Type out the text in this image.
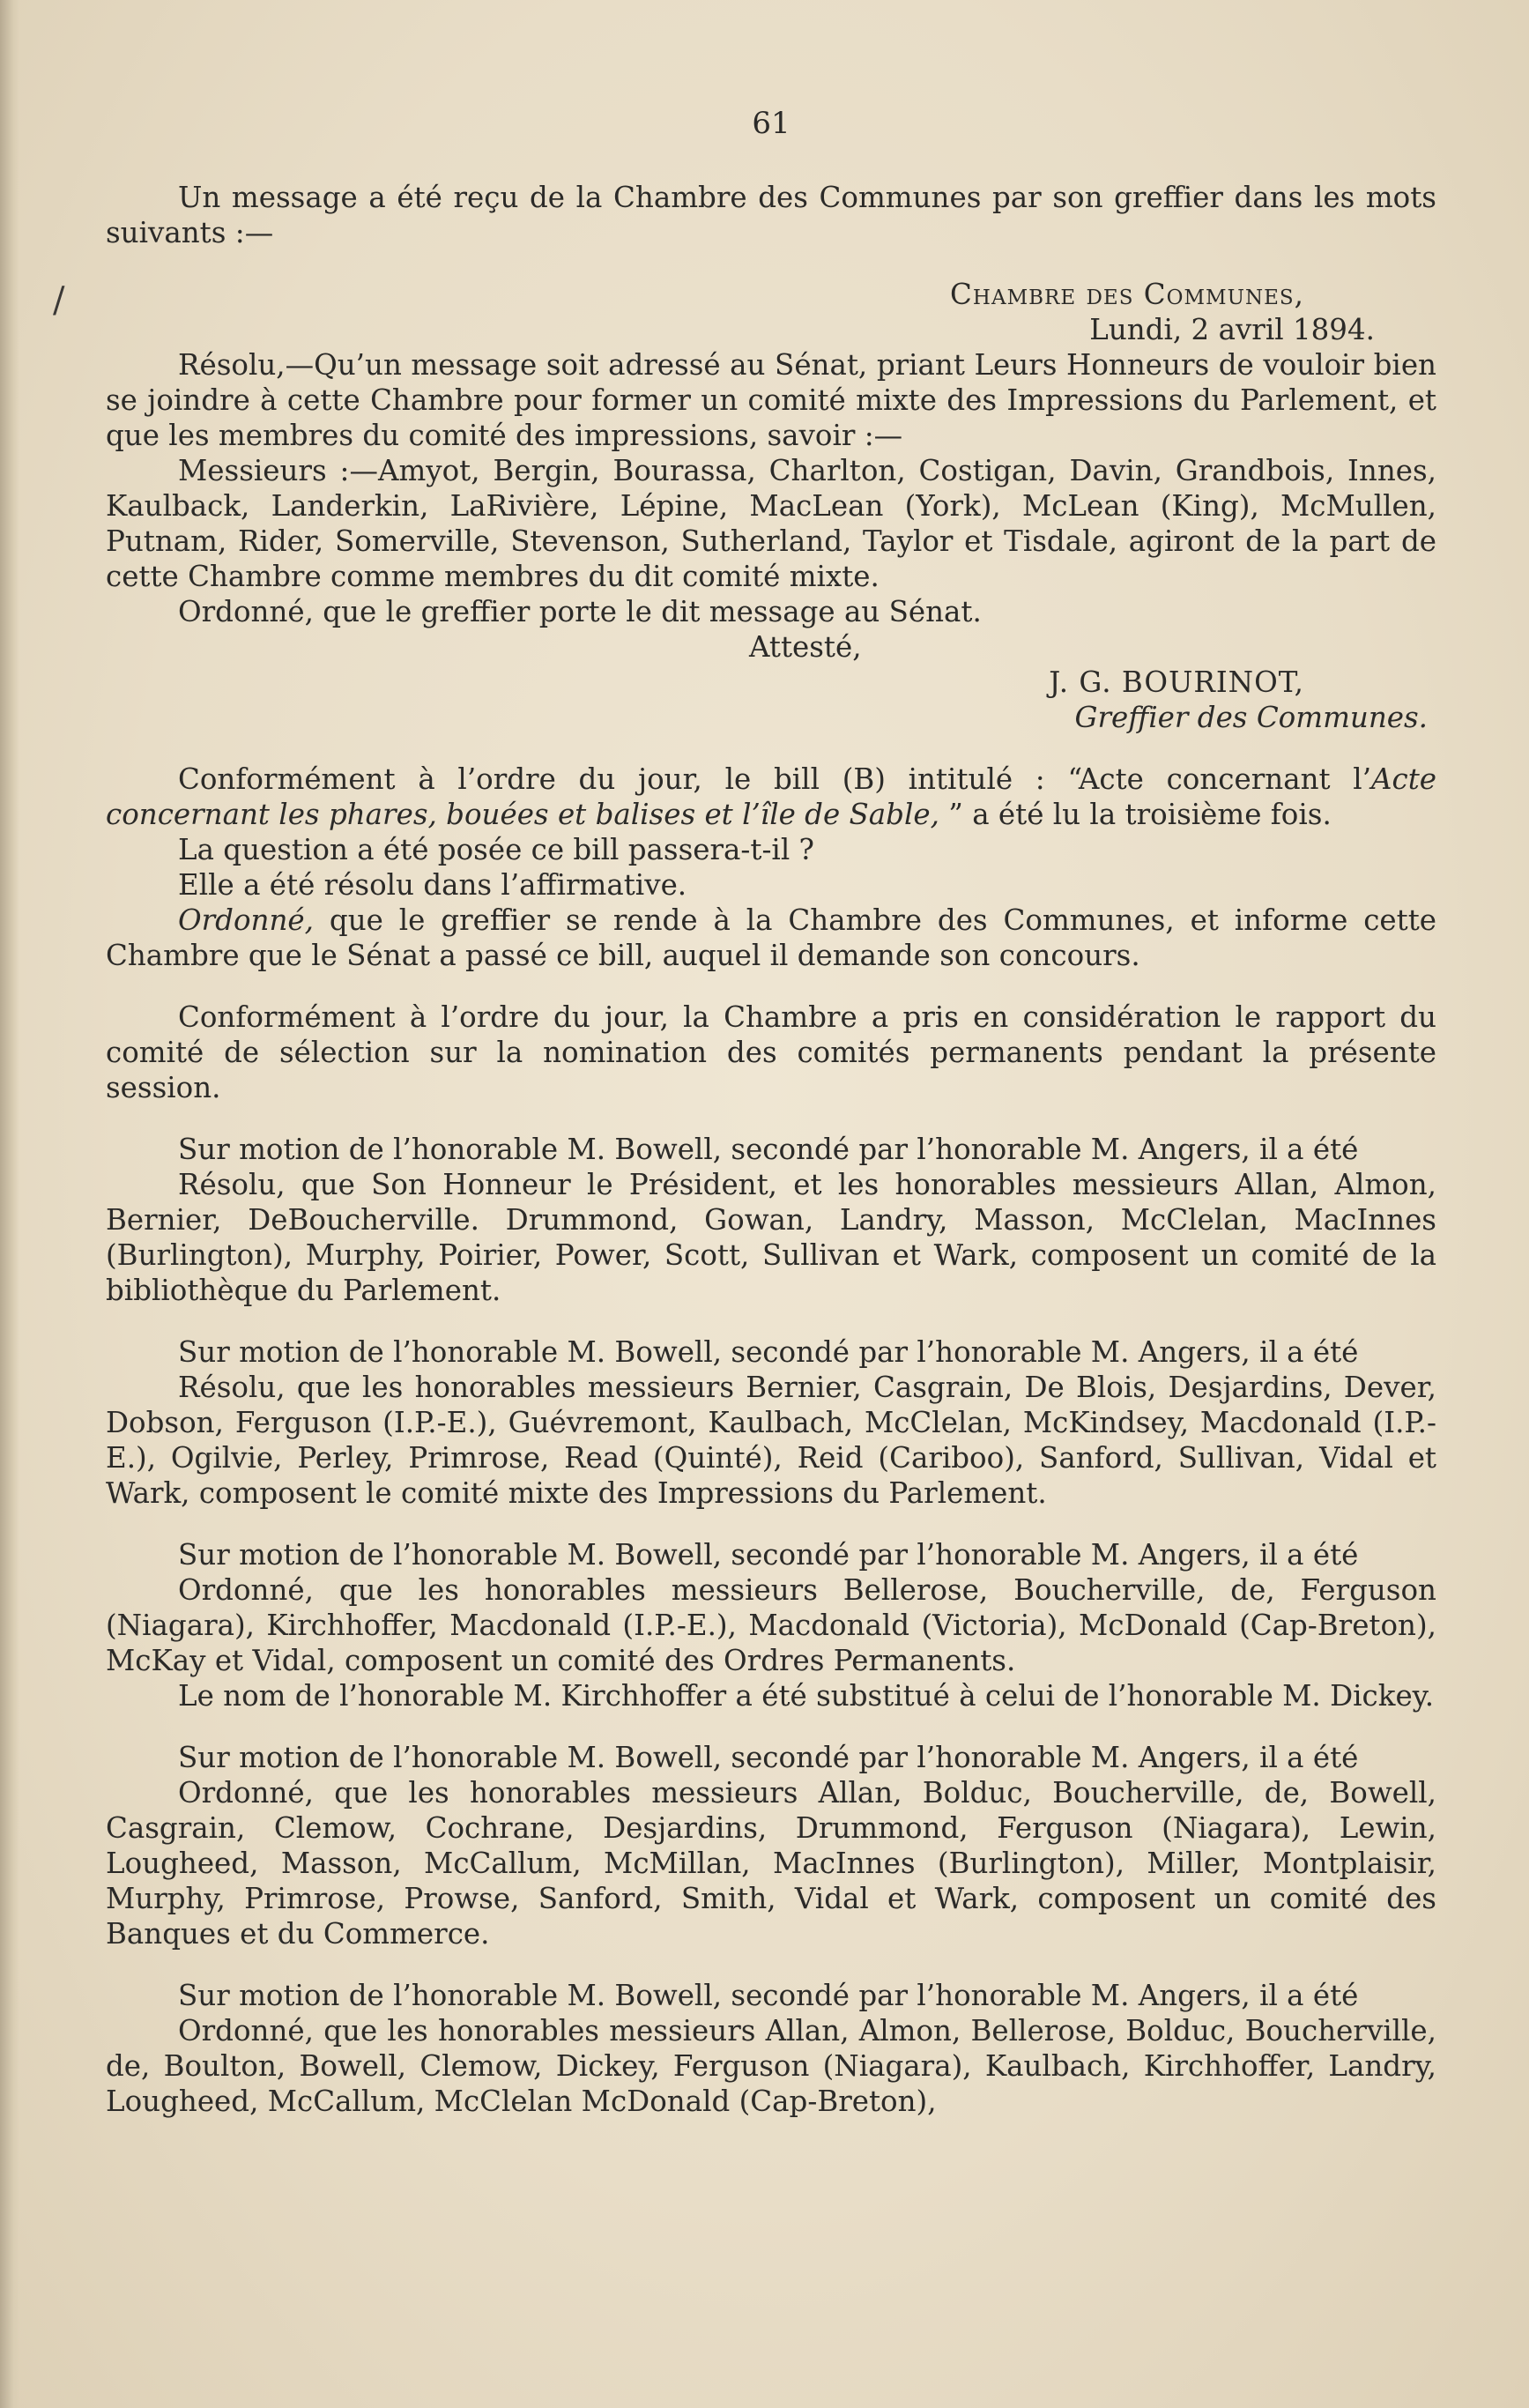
/
61

Un message a été reçu de la Chambre des Communes par son greffier dans les mots suivants :—

Chambre des Communes,

Lundi, 2 avril 1894.

Résolu,—Qu’un message soit adressé au Sénat, priant Leurs Honneurs de vouloir bien se joindre à cette Chambre pour former un comité mixte des Impressions du Parlement, et que les membres du comité des impressions, savoir :—

Messieurs :—Amyot, Bergin, Bourassa, Charlton, Costigan, Davin, Grandbois, Innes, Kaulback, Landerkin, LaRivière, Lépine, MacLean (York), McLean (King), McMullen, Putnam, Rider, Somerville, Stevenson, Sutherland, Taylor et Tisdale, agiront de la part de cette Chambre comme membres du dit comité mixte.

Ordonné, que le greffier porte le dit message au Sénat.

Attesté,

J. G. BOURINOT,

Greffier des Communes.

Conformément à l’ordre du jour, le bill (B) intitulé : “Acte concernant l’Acte concernant les phares, bouées et balises et l’île de Sable, ” a été lu la troisième fois.

La question a été posée ce bill passera-t-il ?

Elle a été résolu dans l’affirmative.

Ordonné, que le greffier se rende à la Chambre des Communes, et informe cette Chambre que le Sénat a passé ce bill, auquel il demande son concours.

Conformément à l’ordre du jour, la Chambre a pris en considération le rapport du comité de sélection sur la nomination des comités permanents pendant la présente session.

Sur motion de l’honorable M. Bowell, secondé par l’honorable M. Angers, il a été

Résolu, que Son Honneur le Président, et les honorables messieurs Allan, Almon, Bernier, DeBoucherville. Drummond, Gowan, Landry, Masson, McClelan, MacInnes (Burlington), Murphy, Poirier, Power, Scott, Sullivan et Wark, composent un comité de la bibliothèque du Parlement.

Sur motion de l’honorable M. Bowell, secondé par l’honorable M. Angers, il a été

Résolu, que les honorables messieurs Bernier, Casgrain, De Blois, Desjardins, Dever, Dobson, Ferguson (I.P.-E.), Guévremont, Kaulbach, McClelan, McKindsey, Macdonald (I.P.-E.), Ogilvie, Perley, Primrose, Read (Quinté), Reid (Cariboo), Sanford, Sullivan, Vidal et Wark, composent le comité mixte des Impressions du Parlement.

Sur motion de l’honorable M. Bowell, secondé par l’honorable M. Angers, il a été

Ordonné, que les honorables messieurs Bellerose, Boucherville, de, Ferguson (Niagara), Kirchhoffer, Macdonald (I.P.-E.), Macdonald (Victoria), McDonald (Cap-Breton), McKay et Vidal, composent un comité des Ordres Permanents.

Le nom de l’honorable M. Kirchhoffer a été substitué à celui de l’honorable M. Dickey.

Sur motion de l’honorable M. Bowell, secondé par l’honorable M. Angers, il a été

Ordonné, que les honorables messieurs Allan, Bolduc, Boucherville, de, Bowell, Casgrain, Clemow, Cochrane, Desjardins, Drummond, Ferguson (Niagara), Lewin, Lougheed, Masson, McCallum, McMillan, MacInnes (Burlington), Miller, Montplaisir, Murphy, Primrose, Prowse, Sanford, Smith, Vidal et Wark, composent un comité des Banques et du Commerce.

Sur motion de l’honorable M. Bowell, secondé par l’honorable M. Angers, il a été

Ordonné, que les honorables messieurs Allan, Almon, Bellerose, Bolduc, Boucherville, de, Boulton, Bowell, Clemow, Dickey, Ferguson (Niagara), Kaulbach, Kirchhoffer, Landry, Lougheed, McCallum, McClelan McDonald (Cap-Breton),
